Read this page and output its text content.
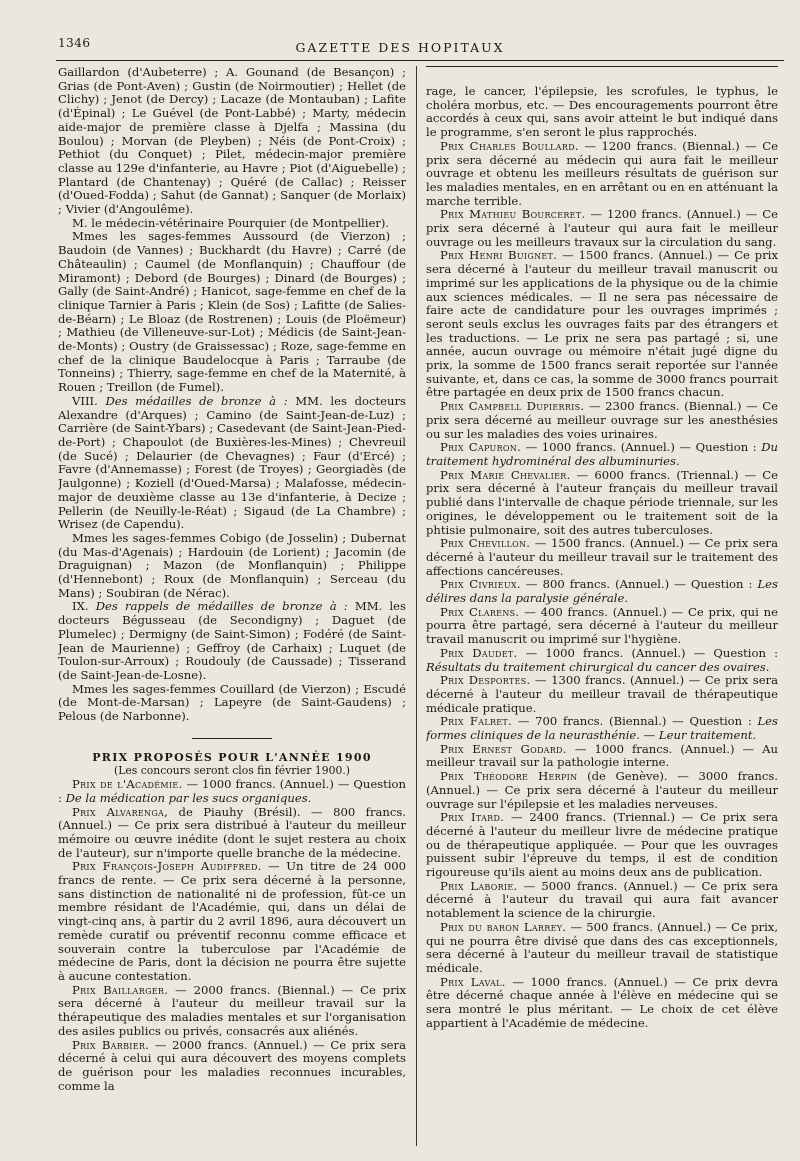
1346	GAZETTE DES HOPITAUX

Gaillardon (d'Aubeterre) ; A. Gounand (de Besançon) ; Grias (de Pont-Aven) ; Gustin (de Noirmoutier) ; Hellet (de Clichy) ; Jenot (de Dercy) ; Lacaze (de Montauban) ; Lafite (d'Épinal) ; Le Guével (de Pont-Labbé) ; Marty, médecin aide-major de première classe à Djelfa ; Massina (du Boulou) ; Morvan (de Pleyben) ; Néis (de Pont-Croix) ; Pethiot (du Conquet) ; Pilet, médecin-major première classe au 129e d'infanterie, au Havre ; Piot (d'Aiguebelle) ; Plantard (de Chantenay) ; Quéré (de Callac) ; Reisser (d'Oued-Fodda) ; Sahut (de Gannat) ; Sanquer (de Morlaix) ; Vivier (d'Angoulême).

M. le médecin-vétérinaire Pourquier (de Montpellier).

Mmes les sages-femmes Aussourd (de Vierzon) ; Baudoin (de Vannes) ; Buckhardt (du Havre) ; Carré (de Châteaulin) ; Caumel (de Monflanquin) ; Chauffour (de Miramont) ; Debord (de Bourges) ; Dinard (de Bourges) ; Gally (de Saint-André) ; Hanicot, sage-femme en chef de la clinique Tarnier à Paris ; Klein (de Sos) ; Lafitte (de Salies-de-Béarn) ; Le Bloaz (de Rostrenen) ; Louis (de Ploëmeur) ; Mathieu (de Villeneuve-sur-Lot) ; Médicis (de Saint-Jean-de-Monts) ; Oustry (de Graissessac) ; Roze, sage-femme en chef de la clinique Baudelocque à Paris ; Tarraube (de Tonneins) ; Thierry, sage-femme en chef de la Maternité, à Rouen ; Treillon (de Fumel).

VIII. Des médailles de bronze à : MM. les docteurs Alexandre (d'Arques) ; Camino (de Saint-Jean-de-Luz) ; Carrière (de Saint-Ybars) ; Casedevant (de Saint-Jean-Pied-de-Port) ; Chapoulot (de Buxières-les-Mines) ; Chevreuil (de Sucé) ; Delaurier (de Chevagnes) ; Faur (d'Ercé) ; Favre (d'Annemasse) ; Forest (de Troyes) ; Georgiadès (de Jaulgonne) ; Koziell (d'Oued-Marsa) ; Malafosse, médecin-major de deuxième classe au 13e d'infanterie, à Decize ; Pellerin (de Neuilly-le-Réat) ; Sigaud (de La Chambre) ; Wrisez (de Capendu).

Mmes les sages-femmes Cobigo (de Josselin) ; Dubernat (du Mas-d'Agenais) ; Hardouin (de Lorient) ; Jacomin (de Draguignan) ; Mazon (de Monflanquin) ; Philippe (d'Hennebont) ; Roux (de Monflanquin) ; Serceau (du Mans) ; Soubiran (de Nérac).

IX. Des rappels de médailles de bronze à : MM. les docteurs Bégusseau (de Secondigny) ; Daguet (de Plumelec) ; Dermigny (de Saint-Simon) ; Fodéré (de Saint-Jean de Maurienne) ; Geffroy (de Carhaix) ; Luquet (de Toulon-sur-Arroux) ; Roudouly (de Caussade) ; Tisserand (de Saint-Jean-de-Losne).

Mmes les sages-femmes Couillard (de Vierzon) ; Escudé (de Mont-de-Marsan) ; Lapeyre (de Saint-Gaudens) ; Pelous (de Narbonne).

PRIX PROPOSÉS POUR L'ANNÉE 1900

(Les concours seront clos fin février 1900.)

Prix de l'Académie. — 1000 francs. (Annuel.) — Question : De la médication par les sucs organiques.

Prix Alvarenga, de Piauhy (Brésil). — 800 francs. (Annuel.) — Ce prix sera distribué à l'auteur du meilleur mémoire ou œuvre inédite (dont le sujet restera au choix de l'auteur), sur n'importe quelle branche de la médecine.

Prix François-Joseph Audiffred. — Un titre de 24 000 francs de rente. — Ce prix sera décerné à la personne, sans distinction de nationalité ni de profession, fût-ce un membre résidant de l'Académie, qui, dans un délai de vingt-cinq ans, à partir du 2 avril 1896, aura découvert un remède curatif ou préventif reconnu comme efficace et souverain contre la tuberculose par l'Académie de médecine de Paris, dont la décision ne pourra être sujette à aucune contestation.

Prix Baillarger. — 2000 francs. (Biennal.) — Ce prix sera décerné à l'auteur du meilleur travail sur la thérapeutique des maladies mentales et sur l'organisation des asiles publics ou privés, consacrés aux aliénés.

Prix Barbier. — 2000 francs. (Annuel.) — Ce prix sera décerné à celui qui aura découvert des moyens complets de guérison pour les maladies reconnues incurables, comme la

rage, le cancer, l'épilepsie, les scrofules, le typhus, le choléra morbus, etc. — Des encouragements pourront être accordés à ceux qui, sans avoir atteint le but indiqué dans le programme, s'en seront le plus rapprochés.

Prix Charles Boullard. — 1200 francs. (Biennal.) — Ce prix sera décerné au médecin qui aura fait le meilleur ouvrage et obtenu les meilleurs résultats de guérison sur les maladies mentales, en en arrêtant ou en en atténuant la marche terrible.

Prix Mathieu Bourceret. — 1200 francs. (Annuel.) — Ce prix sera décerné à l'auteur qui aura fait le meilleur ouvrage ou les meilleurs travaux sur la circulation du sang.

Prix Henri Buignet. — 1500 francs. (Annuel.) — Ce prix sera décerné à l'auteur du meilleur travail manuscrit ou imprimé sur les applications de la physique ou de la chimie aux sciences médicales. — Il ne sera pas nécessaire de faire acte de candidature pour les ouvrages imprimés ; seront seuls exclus les ouvrages faits par des étrangers et les traductions. — Le prix ne sera pas partagé ; si, une année, aucun ouvrage ou mémoire n'était jugé digne du prix, la somme de 1500 francs serait reportée sur l'année suivante, et, dans ce cas, la somme de 3000 francs pourrait être partagée en deux prix de 1500 francs chacun.

Prix Campbell Dupierris. — 2300 francs. (Biennal.) — Ce prix sera décerné au meilleur ouvrage sur les anesthésies ou sur les maladies des voies urinaires.

Prix Capuron. — 1000 francs. (Annuel.) — Question : Du traitement hydrominéral des albuminuries.

Prix Marie Chevalier. — 6000 francs. (Triennal.) — Ce prix sera décerné à l'auteur français du meilleur travail publié dans l'intervalle de chaque période triennale, sur les origines, le développement ou le traitement soit de la phtisie pulmonaire, soit des autres tuberculoses.

Prix Chevillon. — 1500 francs. (Annuel.) — Ce prix sera décerné à l'auteur du meilleur travail sur le traitement des affections cancéreuses.

Prix Civrieux. — 800 francs. (Annuel.) — Question : Les délires dans la paralysie générale.

Prix Clarens. — 400 francs. (Annuel.) — Ce prix, qui ne pourra être partagé, sera décerné à l'auteur du meilleur travail manuscrit ou imprimé sur l'hygiène.

Prix Daudet. — 1000 francs. (Annuel.) — Question : Résultats du traitement chirurgical du cancer des ovaires.

Prix Desportes. — 1300 francs. (Annuel.) — Ce prix sera décerné à l'auteur du meilleur travail de thérapeutique médicale pratique.

Prix Falret. — 700 francs. (Biennal.) — Question : Les formes cliniques de la neurasthénie. — Leur traitement.

Prix Ernest Godard. — 1000 francs. (Annuel.) — Au meilleur travail sur la pathologie interne.

Prix Théodore Herpin (de Genève). — 3000 francs. (Annuel.) — Ce prix sera décerné à l'auteur du meilleur ouvrage sur l'épilepsie et les maladies nerveuses.

Prix Itard. — 2400 francs. (Triennal.) — Ce prix sera décerné à l'auteur du meilleur livre de médecine pratique ou de thérapeutique appliquée. — Pour que les ouvrages puissent subir l'épreuve du temps, il est de condition rigoureuse qu'ils aient au moins deux ans de publication.

Prix Laborie. — 5000 francs. (Annuel.) — Ce prix sera décerné à l'auteur du travail qui aura fait avancer notablement la science de la chirurgie.

Prix du baron Larrey. — 500 francs. (Annuel.) — Ce prix, qui ne pourra être divisé que dans des cas exceptionnels, sera décerné à l'auteur du meilleur travail de statistique médicale.

Prix Laval. — 1000 francs. (Annuel.) — Ce prix devra être décerné chaque année à l'élève en médecine qui se sera montré le plus méritant. — Le choix de cet élève appartient à l'Académie de médecine.
